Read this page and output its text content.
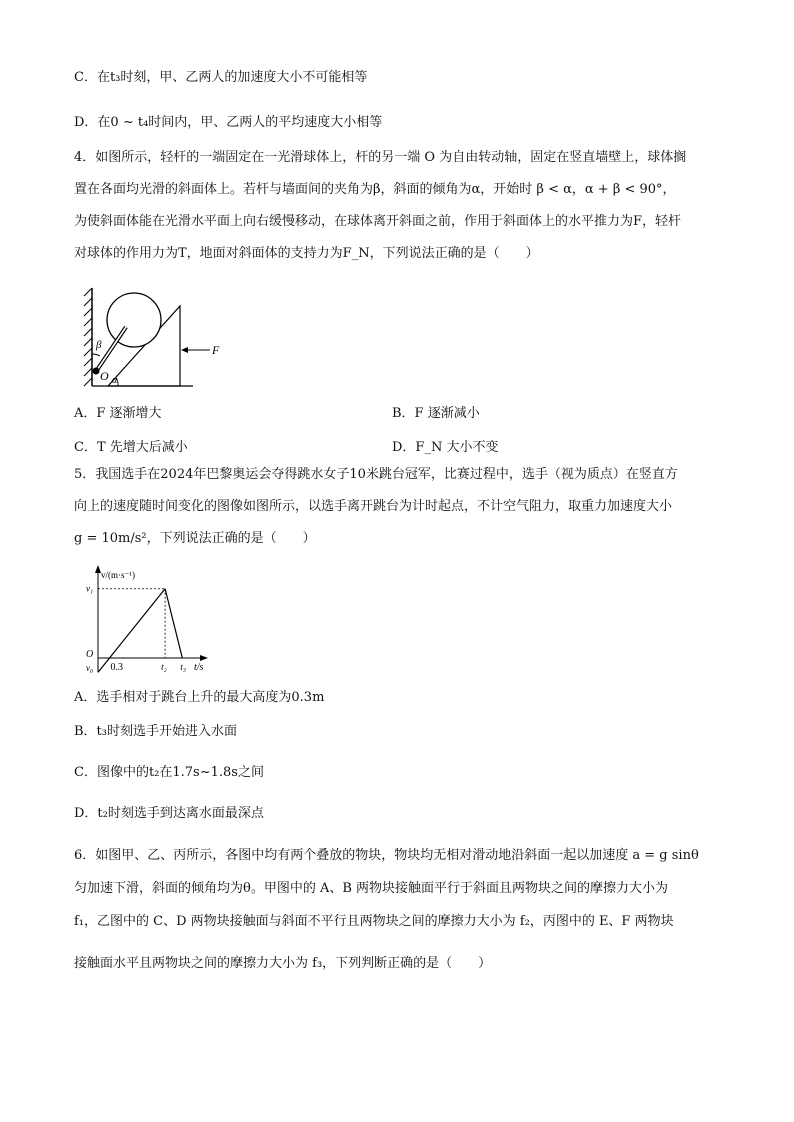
C．在t₃时刻，甲、乙两人的加速度大小不可能相等
D．在0 ~ t₄时间内，甲、乙两人的平均速度大小相等
4．如图所示，轻杆的一端固定在一光滑球体上，杆的另一端 O 为自由转动轴，固定在竖直墙壁上，球体搁
置在各面均光滑的斜面体上。若杆与墙面间的夹角为β，斜面的倾角为α，开始时 β < α，α + β < 90°，
为使斜面体能在光滑水平面上向右缓慢移动，在球体离开斜面之前，作用于斜面体上的水平推力为F，轻杆
对球体的作用力为T，地面对斜面体的支持力为F_N，下列说法正确的是（　　）
β
O α
F
A．F 逐渐增大	B．F 逐渐减小
C．T 先增大后减小	D．F_N 大小不变
5．我国选手在2024年巴黎奥运会夺得跳水女子10米跳台冠军，比赛过程中，选手（视为质点）在竖直方
向上的速度随时间变化的图像如图所示，以选手离开跳台为计时起点，不计空气阻力，取重力加速度大小
g = 10m/s²，下列说法正确的是（　　）
v/(m·s⁻¹)
t/s
v₁
v₀
O
0.3	t₂ t₃
A．选手相对于跳台上升的最大高度为0.3m
B．t₃时刻选手开始进入水面
C．图像中的t₂在1.7s~1.8s之间
D．t₂时刻选手到达离水面最深点
6．如图甲、乙、丙所示，各图中均有两个叠放的物块，物块均无相对滑动地沿斜面一起以加速度 a = g sinθ
匀加速下滑，斜面的倾角均为θ。甲图中的 A、B 两物块接触面平行于斜面且两物块之间的摩擦力大小为
f₁，乙图中的 C、D 两物块接触面与斜面不平行且两物块之间的摩擦力大小为 f₂，丙图中的 E、F 两物块
接触面水平且两物块之间的摩擦力大小为 f₃，下列判断正确的是（　　）
